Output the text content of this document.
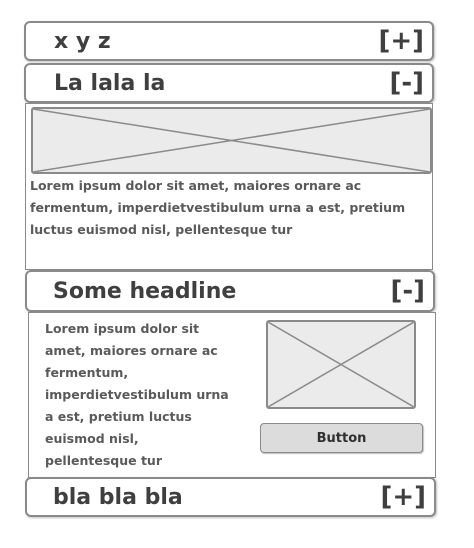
x y z	[+]
La lala la	[-]
Lorem ipsum dolor sit amet, maiores ornare ac fermentum, imperdietvestibulum urna a est, pretium luctus euismod nisl, pellentesque tur
Some headline	[-]
Lorem ipsum dolor sit amet, maiores ornare ac fermentum, imperdietvestibulum urna a est, pretium luctus euismod nisl, pellentesque tur
Button
bla bla bla	[+]
